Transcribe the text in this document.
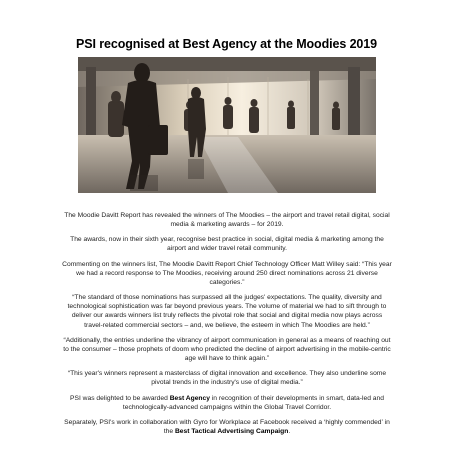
PSI recognised at Best Agency at the Moodies 2019

The Moodie Davitt Report has revealed the winners of The Moodies – the airport and travel retail digital, social media & marketing awards – for 2019.

The awards, now in their sixth year, recognise best practice in social, digital media & marketing among the airport and wider travel retail community.

Commenting on the winners list, The Moodie Davitt Report Chief Technology Officer Matt Willey said: “This year we had a record response to The Moodies, receiving around 250 direct nominations across 21 diverse categories.”

“The standard of those nominations has surpassed all the judges' expectations. The quality, diversity and technological sophistication was far beyond previous years. The volume of material we had to sift through to deliver our awards winners list truly reflects the pivotal role that social and digital media now plays across travel-related commercial sectors – and, we believe, the esteem in which The Moodies are held.”

“Additionally, the entries underline the vibrancy of airport communication in general as a means of reaching out to the consumer – those prophets of doom who predicted the decline of airport advertising in the mobile-centric age will have to think again.”

“This year's winners represent a masterclass of digital innovation and excellence. They also underline some pivotal trends in the industry's use of digital media.”

PSI was delighted to be awarded Best Agency in recognition of their developments in smart, data-led and technologically-advanced campaigns within the Global Travel Corridor.

Separately, PSI's work in collaboration with Gyro for Workplace at Facebook received a ‘highly commended’ in the Best Tactical Advertising Campaign.
